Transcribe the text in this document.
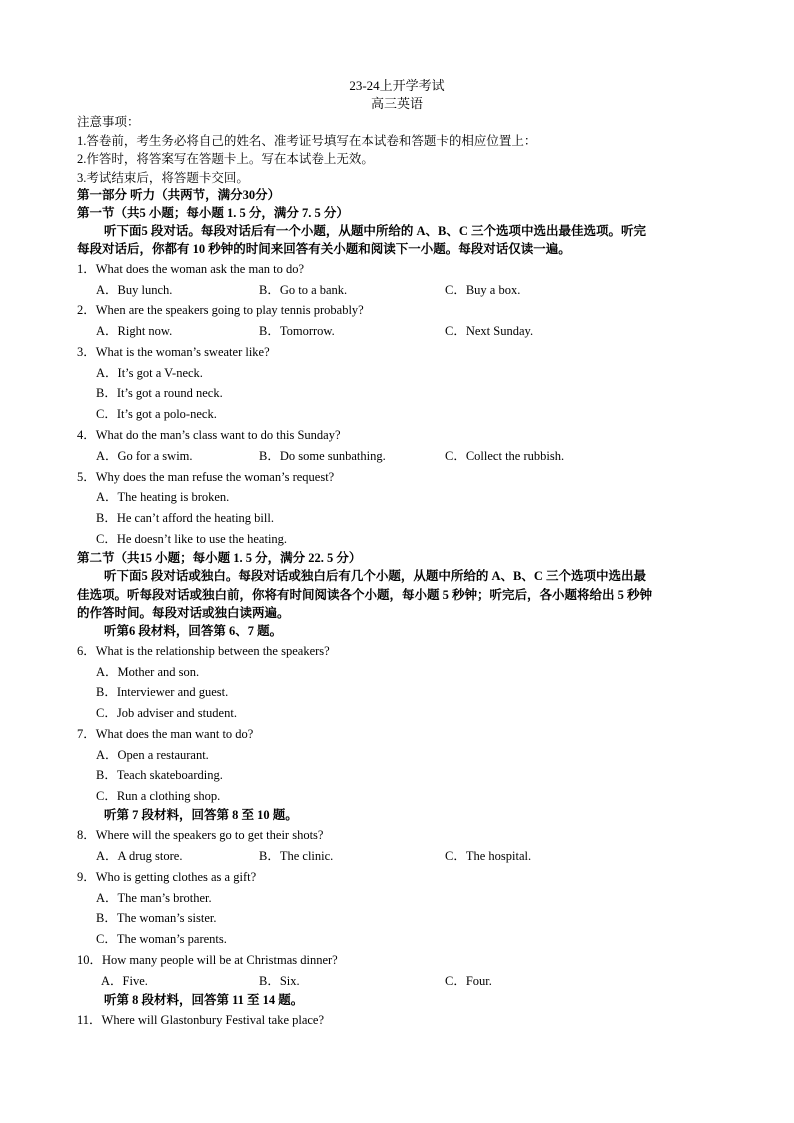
23-24上开学考试
高三英语
注意事项：
1.答卷前，考生务必将自己的姓名、准考证号填写在本试卷和答题卡的相应位置上：
2.作答时，将答案写在答题卡上。写在本试卷上无效。
3.考试结束后，将答题卡交回。
第一部分 听力（共两节，满分30分）
第一节（共5 小题；每小题 1. 5 分，满分 7. 5 分）
听下面5 段对话。每段对话后有一个小题，从题中所给的 A、B、C 三个选项中选出最佳选项。听完
每段对话后，你都有 10 秒钟的时间来回答有关小题和阅读下一小题。每段对话仅读一遍。
1．What does the woman ask the man to do?
A．Buy lunch.	B．Go to a bank.	C．Buy a box.
2．When are the speakers going to play tennis probably?
A．Right now.	B．Tomorrow.	C．Next Sunday.
3．What is the woman’s sweater like?
A．It’s got a V-neck.
B．It’s got a round neck.
C．It’s got a polo-neck.
4．What do the man’s class want to do this Sunday?
A．Go for a swim.	B．Do some sunbathing.	C．Collect the rubbish.
5．Why does the man refuse the woman’s request?
A．The heating is broken.
B．He can’t afford the heating bill.
C．He doesn’t like to use the heating.
第二节（共15 小题；每小题 1. 5 分，满分 22. 5 分）
听下面5 段对话或独白。每段对话或独白后有几个小题，从题中所给的 A、B、C 三个选项中选出最
佳选项。听每段对话或独白前，你将有时间阅读各个小题，每小题 5 秒钟；听完后，各小题将给出 5 秒钟
的作答时间。每段对话或独白读两遍。
听第6 段材料，回答第 6、7 题。
6．What is the relationship between the speakers?
A．Mother and son.
B．Interviewer and guest.
C．Job adviser and student.
7．What does the man want to do?
A．Open a restaurant.
B．Teach skateboarding.
C．Run a clothing shop.
听第 7 段材料，回答第 8 至 10 题。
8．Where will the speakers go to get their shots?
A．A drug store.	B．The clinic.	C．The hospital.
9．Who is getting clothes as a gift?
A．The man’s brother.
B．The woman’s sister.
C．The woman’s parents.
10．How many people will be at Christmas dinner?
A．Five.	B．Six.	C．Four.
听第 8 段材料，回答第 11 至 14 题。
11．Where will Glastonbury Festival take place?
